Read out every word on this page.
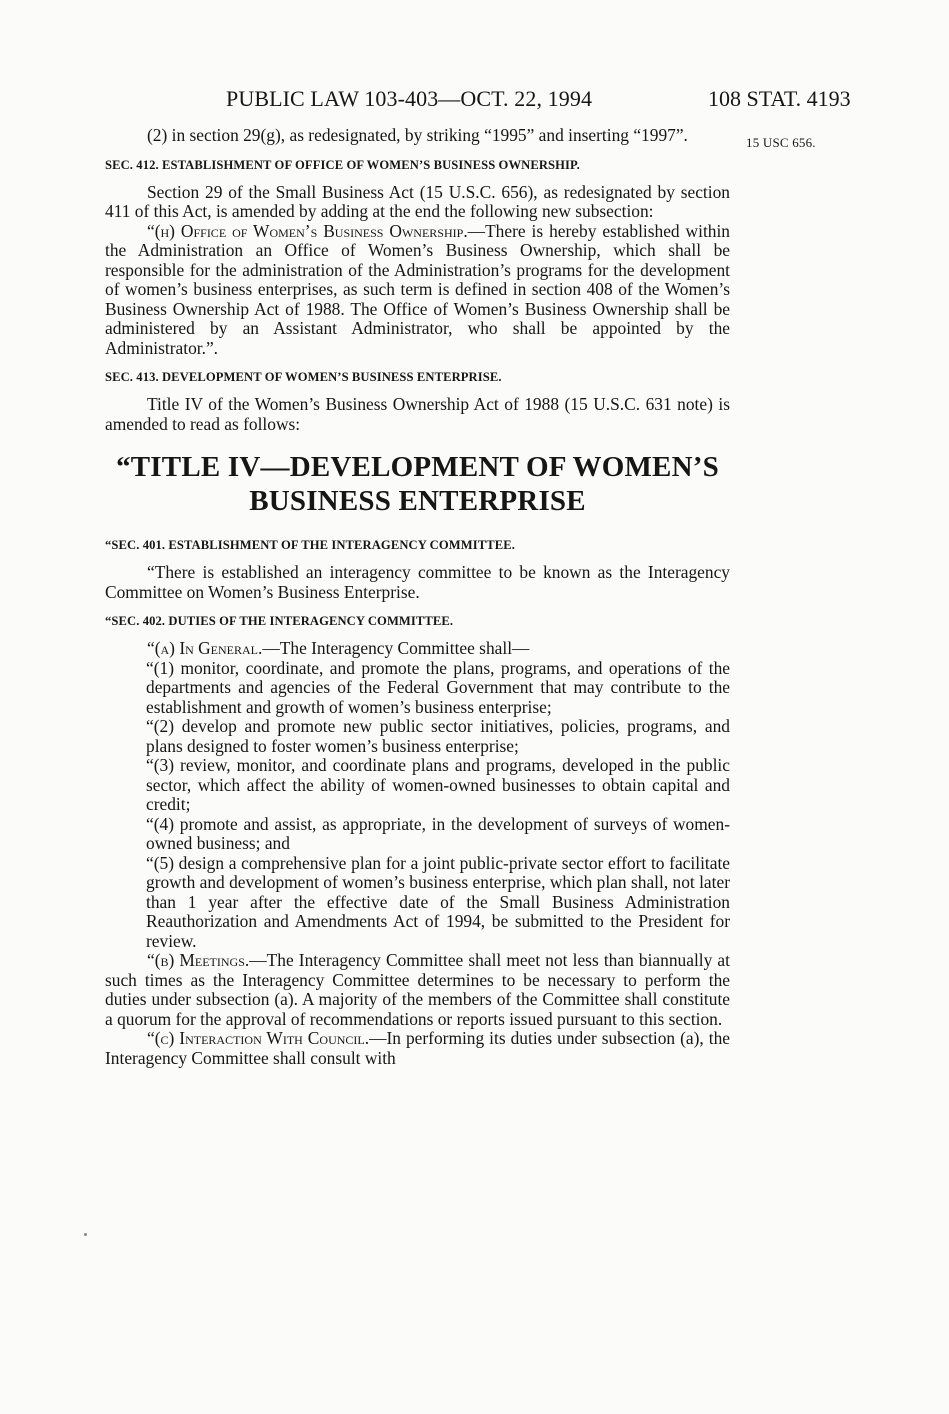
PUBLIC LAW 103-403—OCT. 22, 1994	108 STAT. 4193
15 USC 656.

(2) in section 29(g), as redesignated, by striking “1995” and inserting “1997”.

SEC. 412. ESTABLISHMENT OF OFFICE OF WOMEN’S BUSINESS OWNERSHIP.

Section 29 of the Small Business Act (15 U.S.C. 656), as redesignated by section 411 of this Act, is amended by adding at the end the following new subsection:

“(h) Office of Women’s Business Ownership.—There is hereby established within the Administration an Office of Women’s Business Ownership, which shall be responsible for the administration of the Administration’s programs for the development of women’s business enterprises, as such term is defined in section 408 of the Women’s Business Ownership Act of 1988. The Office of Women’s Business Ownership shall be administered by an Assistant Administrator, who shall be appointed by the Administrator.”.

SEC. 413. DEVELOPMENT OF WOMEN’S BUSINESS ENTERPRISE.

Title IV of the Women’s Business Ownership Act of 1988 (15 U.S.C. 631 note) is amended to read as follows:

“TITLE IV—DEVELOPMENT OF WOMEN’S
BUSINESS ENTERPRISE

“SEC. 401. ESTABLISHMENT OF THE INTERAGENCY COMMITTEE.

“There is established an interagency committee to be known as the Interagency Committee on Women’s Business Enterprise.

“SEC. 402. DUTIES OF THE INTERAGENCY COMMITTEE.

“(a) In General.—The Interagency Committee shall—

“(1) monitor, coordinate, and promote the plans, programs, and operations of the departments and agencies of the Federal Government that may contribute to the establishment and growth of women’s business enterprise;

“(2) develop and promote new public sector initiatives, policies, programs, and plans designed to foster women’s business enterprise;

“(3) review, monitor, and coordinate plans and programs, developed in the public sector, which affect the ability of women-owned businesses to obtain capital and credit;

“(4) promote and assist, as appropriate, in the development of surveys of women-owned business; and

“(5) design a comprehensive plan for a joint public-private sector effort to facilitate growth and development of women’s business enterprise, which plan shall, not later than 1 year after the effective date of the Small Business Administration Reauthorization and Amendments Act of 1994, be submitted to the President for review.

“(b) Meetings.—The Interagency Committee shall meet not less than biannually at such times as the Interagency Committee determines to be necessary to perform the duties under subsection (a). A majority of the members of the Committee shall constitute a quorum for the approval of recommendations or reports issued pursuant to this section.

“(c) Interaction With Council.—In performing its duties under subsection (a), the Interagency Committee shall consult with
